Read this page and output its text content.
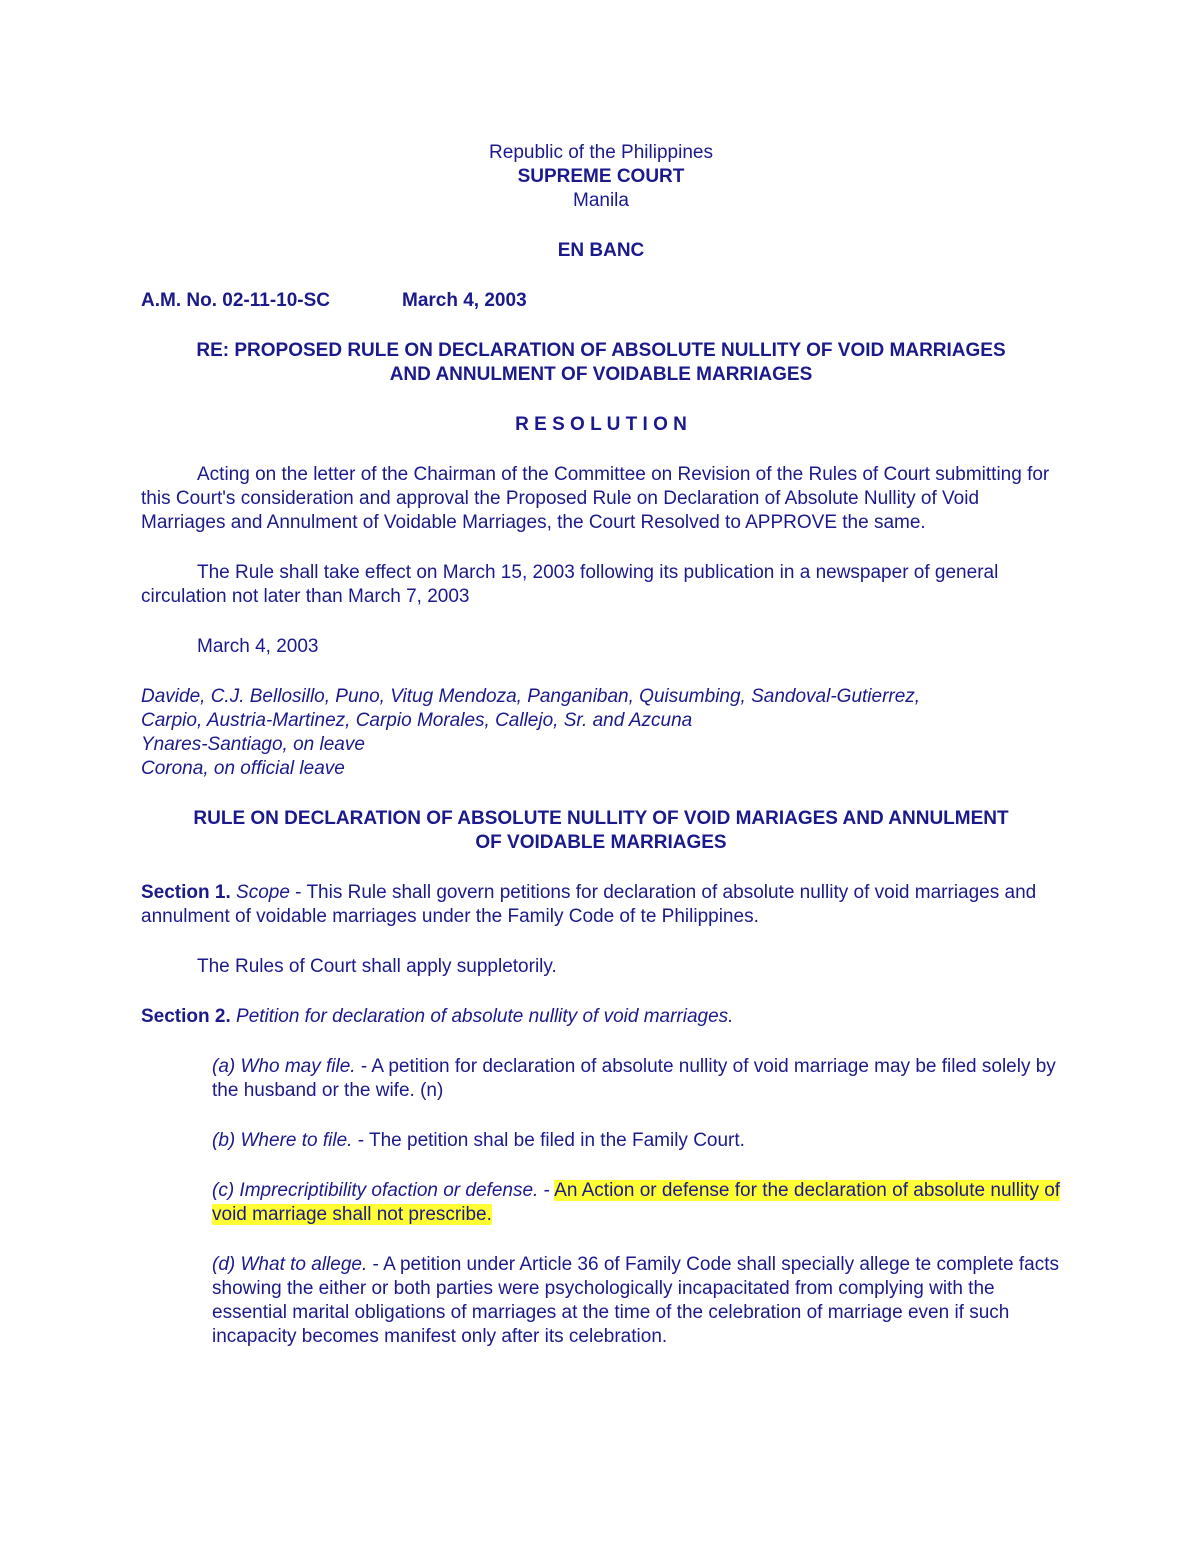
Republic of the Philippines
SUPREME COURT
Manila
EN BANC
A.M. No. 02-11-10-SC	March 4, 2003
RE: PROPOSED RULE ON DECLARATION OF ABSOLUTE NULLITY OF VOID MARRIAGES
AND ANNULMENT OF VOIDABLE MARRIAGES
R E S O L U T I O N

Acting on the letter of the Chairman of the Committee on Revision of the Rules of Court submitting for this Court's consideration and approval the Proposed Rule on Declaration of Absolute Nullity of Void Marriages and Annulment of Voidable Marriages, the Court Resolved to APPROVE the same.

The Rule shall take effect on March 15, 2003 following its publication in a newspaper of general circulation not later than March 7, 2003

March 4, 2003

Davide, C.J. Bellosillo, Puno, Vitug Mendoza, Panganiban, Quisumbing, Sandoval-Gutierrez,
Carpio, Austria-Martinez, Carpio Morales, Callejo, Sr. and Azcuna
Ynares-Santiago, on leave
Corona, on official leave
RULE ON DECLARATION OF ABSOLUTE NULLITY OF VOID MARIAGES AND ANNULMENT
OF VOIDABLE MARRIAGES

Section 1. Scope - This Rule shall govern petitions for declaration of absolute nullity of void marriages and annulment of voidable marriages under the Family Code of te Philippines.

The Rules of Court shall apply suppletorily.

Section 2. Petition for declaration of absolute nullity of void marriages.

(a) Who may file. - A petition for declaration of absolute nullity of void marriage may be filed solely by the husband or the wife. (n)

(b) Where to file. - The petition shal be filed in the Family Court.

(c) Imprecriptibility ofaction or defense. - An Action or defense for the declaration of absolute nullity of void marriage shall not prescribe.

(d) What to allege. - A petition under Article 36 of Family Code shall specially allege te complete facts showing the either or both parties were psychologically incapacitated from complying with the essential marital obligations of marriages at the time of the celebration of marriage even if such incapacity becomes manifest only after its celebration.
